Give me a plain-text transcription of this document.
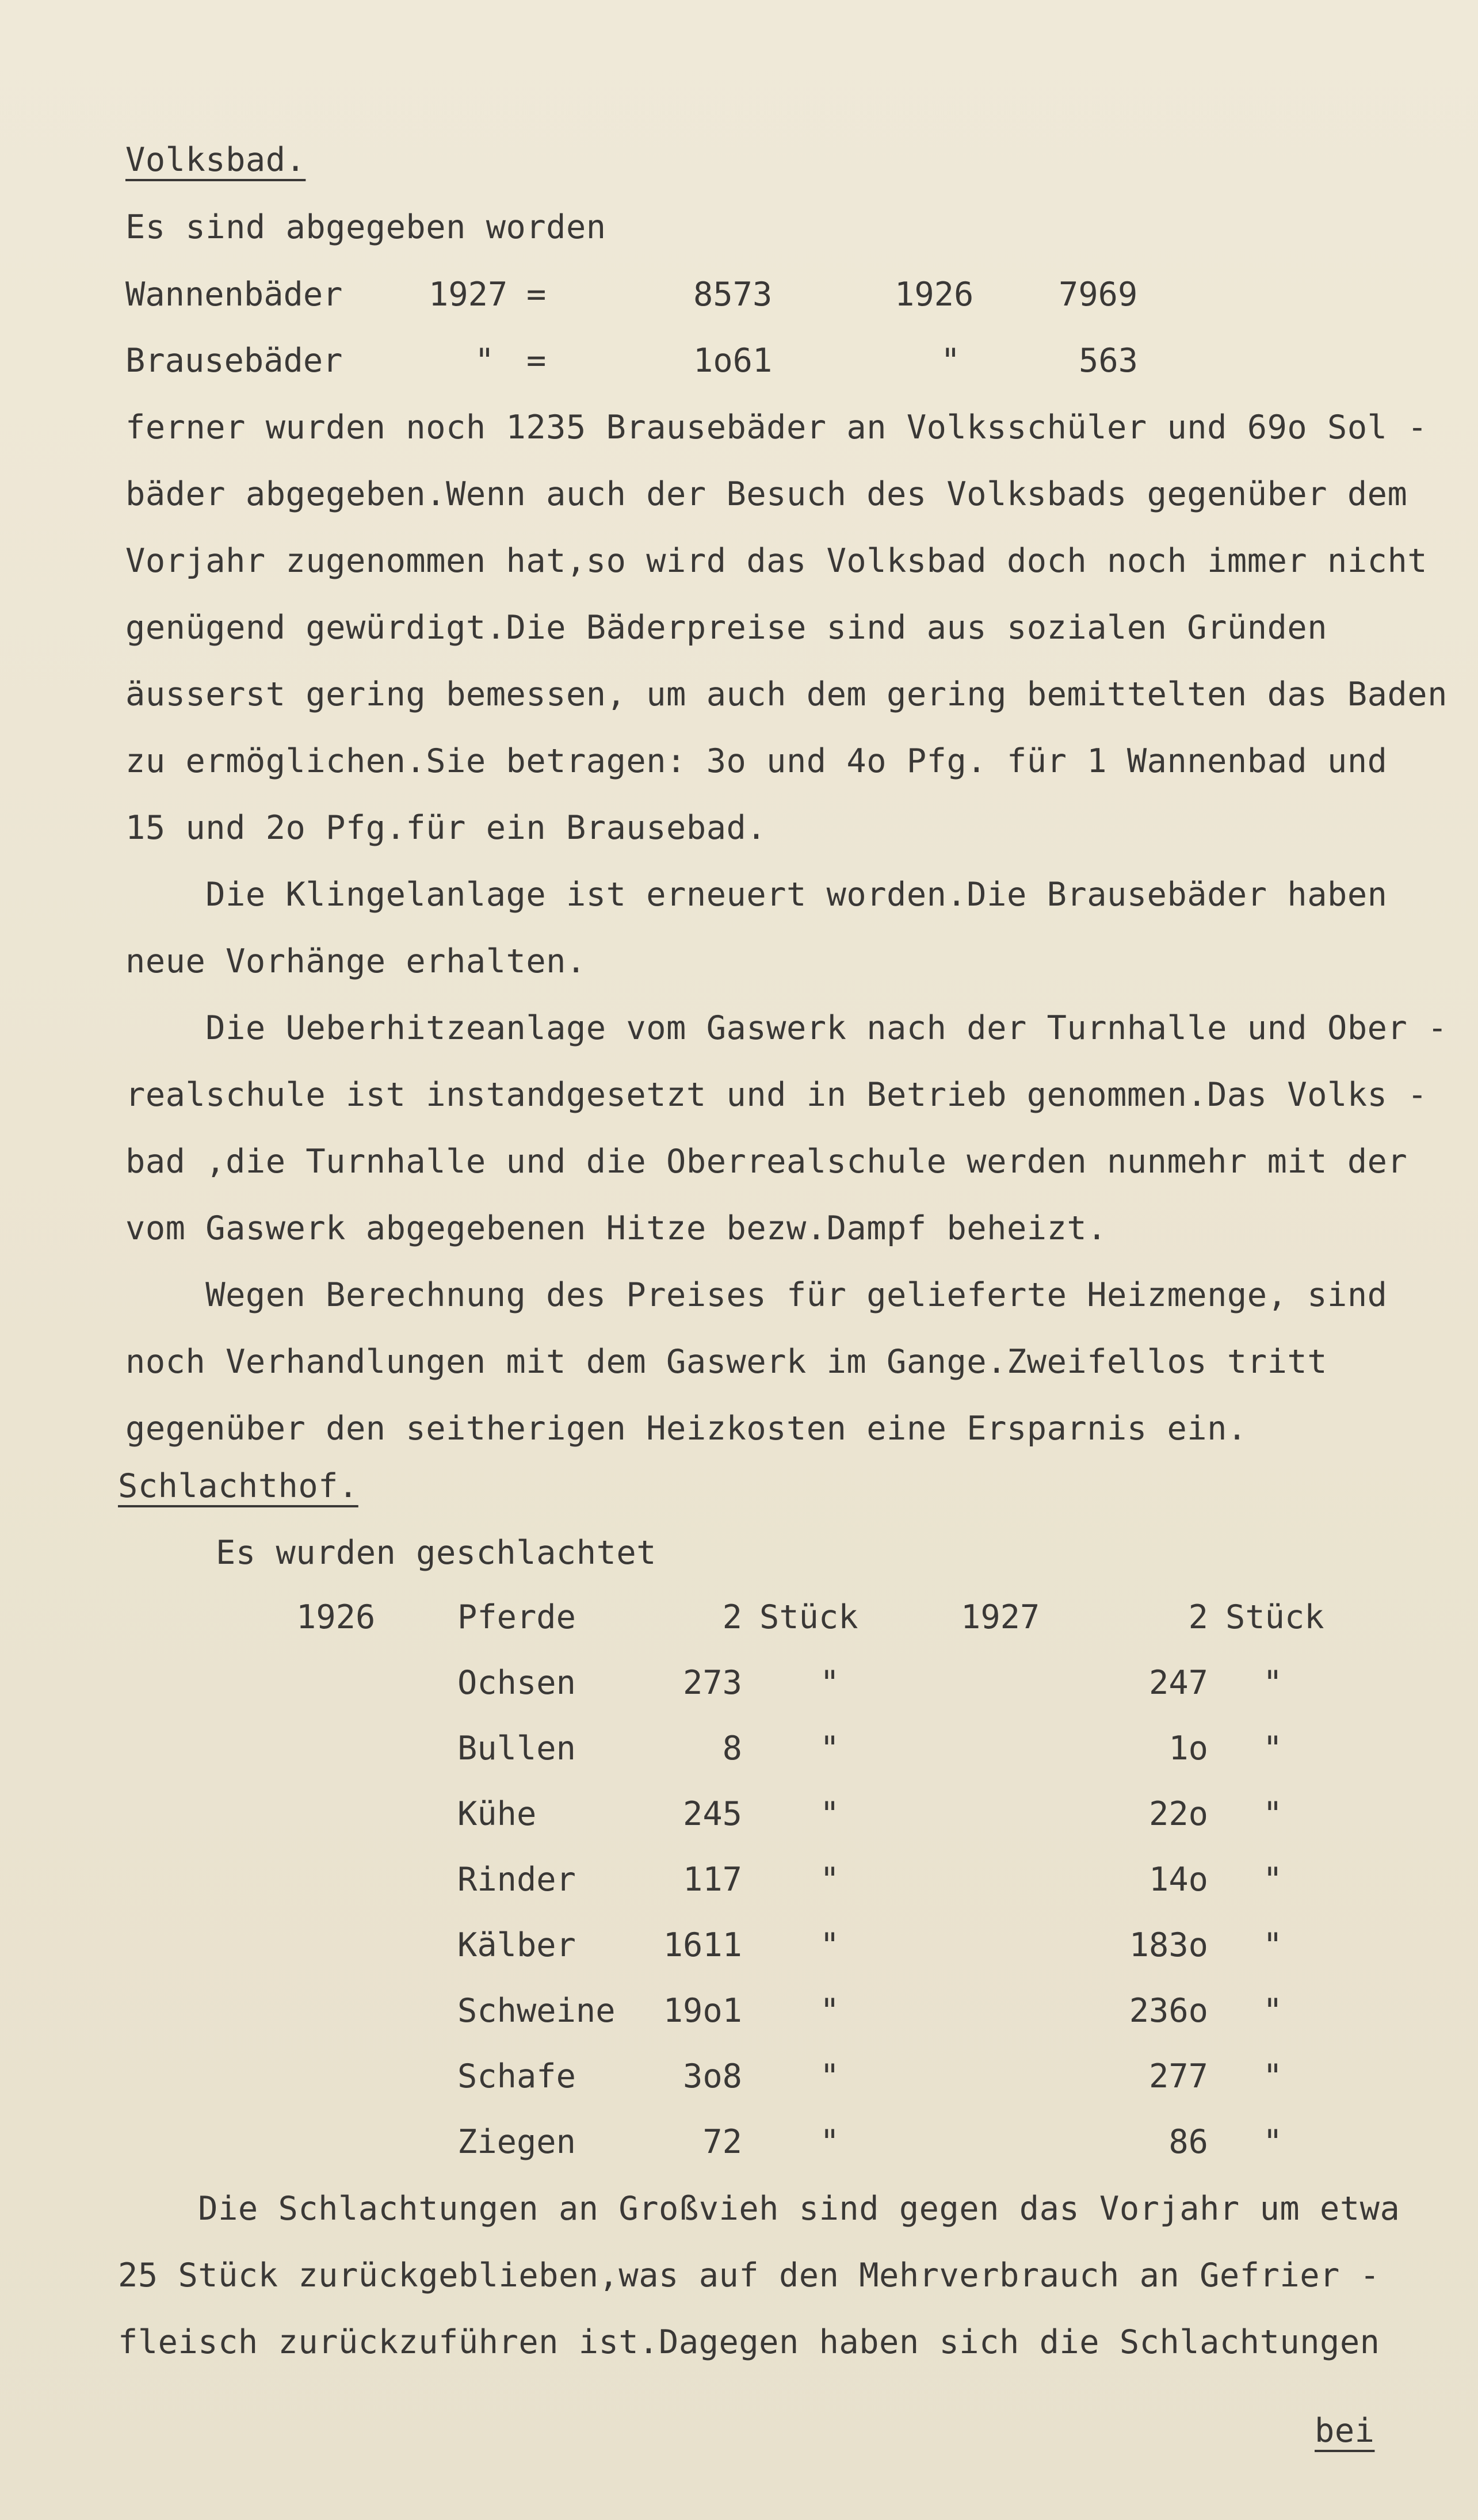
Volksbad.
Es sind abgegeben worden
Wannenbäder	1927 =	8573	1926	7969
Brausebäder	" =	1o61	"	563
ferner wurden noch 1235 Brausebäder an Volksschüler und 69o Sol -
bäder abgegeben.Wenn auch der Besuch des Volksbads gegenüber dem
Vorjahr zugenommen hat,so wird das Volksbad doch noch immer nicht
genügend gewürdigt.Die Bäderpreise sind aus sozialen Gründen
äusserst gering bemessen, um auch dem gering bemittelten das Baden
zu ermöglichen.Sie betragen: 3o und 4o Pfg. für 1 Wannenbad und
15 und 2o Pfg.für ein Brausebad.
Die Klingelanlage ist erneuert worden.Die Brausebäder haben
neue Vorhänge erhalten.
Die Ueberhitzeanlage vom Gaswerk nach der Turnhalle und Ober -
realschule ist instandgesetzt und in Betrieb genommen.Das Volks -
bad ,die Turnhalle und die Oberrealschule werden nunmehr mit der
vom Gaswerk abgegebenen Hitze bezw.Dampf beheizt.
Wegen Berechnung des Preises für gelieferte Heizmenge, sind
noch Verhandlungen mit dem Gaswerk im Gange.Zweifellos tritt
gegenüber den seitherigen Heizkosten eine Ersparnis ein.
Schlachthof.
Es wurden geschlachtet
1926	1927
Pferde	2 Stück	2 Stück
Ochsen	273 "	247 "
Bullen	8 "	1o "
Kühe	245 "	22o "
Rinder	117 "	14o "
Kälber	1611 "	183o "
Schweine	19o1 "	236o "
Schafe	3o8 "	277 "
Ziegen	72 "	86 "
Die Schlachtungen an Großvieh sind gegen das Vorjahr um etwa
25 Stück zurückgeblieben,was auf den Mehrverbrauch an Gefrier -
fleisch zurückzuführen ist.Dagegen haben sich die Schlachtungen
bei
